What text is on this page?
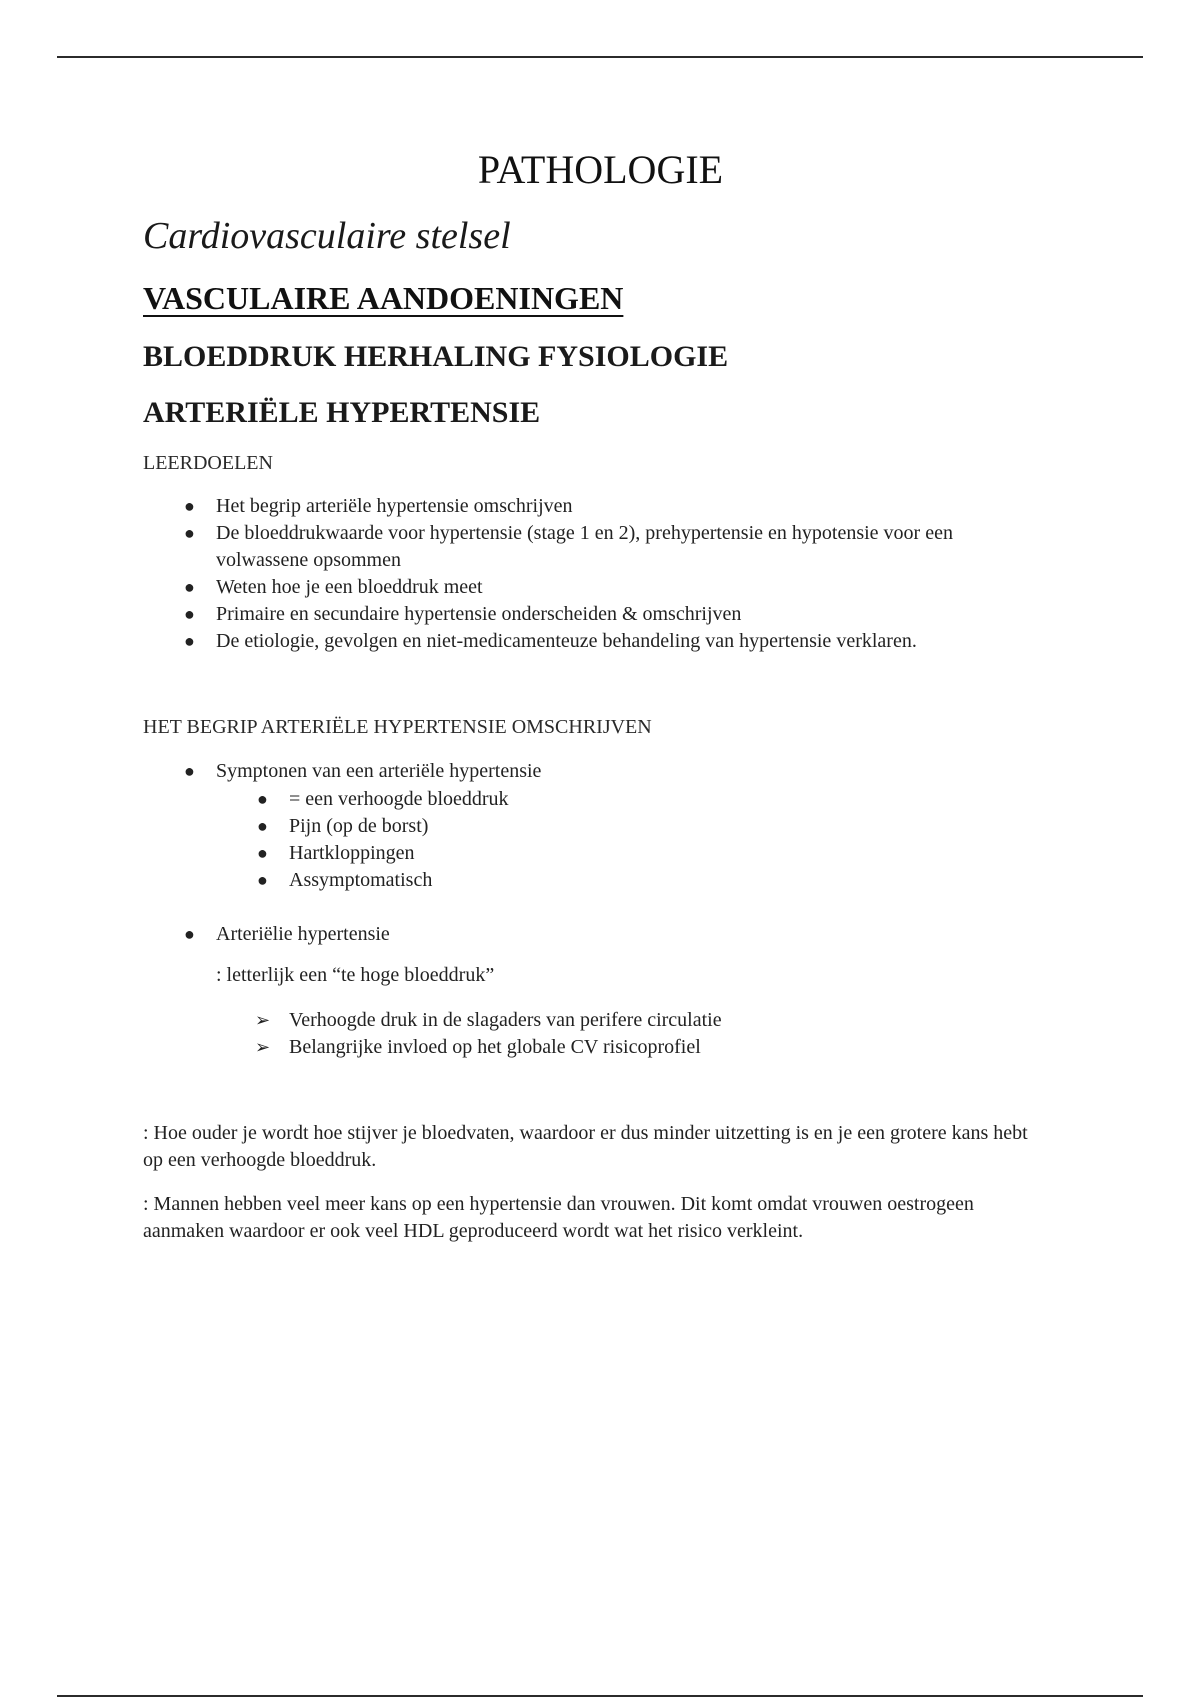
PATHOLOGIE
Cardiovasculaire stelsel
VASCULAIRE AANDOENINGEN
BLOEDDRUK HERHALING FYSIOLOGIE
ARTERIËLE HYPERTENSIE
LEERDOELEN
● Het begrip arteriële hypertensie omschrijven
● De bloeddrukwaarde voor hypertensie (stage 1 en 2), prehypertensie en hypotensie voor een
volwassene opsommen
● Weten hoe je een bloeddruk meet
● Primaire en secundaire hypertensie onderscheiden & omschrijven
● De etiologie, gevolgen en niet-medicamenteuze behandeling van hypertensie verklaren.
HET BEGRIP ARTERIËLE HYPERTENSIE OMSCHRIJVEN
● Symptonen van een arteriële hypertensie
● = een verhoogde bloeddruk
● Pijn (op de borst)
● Hartkloppingen
● Assymptomatisch
● Arteriëlie hypertensie
: letterlijk een “te hoge bloeddruk”
➢ Verhoogde druk in de slagaders van perifere circulatie
➢ Belangrijke invloed op het globale CV risicoprofiel
: Hoe ouder je wordt hoe stijver je bloedvaten, waardoor er dus minder uitzetting is en je een grotere kans hebt op een verhoogde bloeddruk.
: Mannen hebben veel meer kans op een hypertensie dan vrouwen. Dit komt omdat vrouwen oestrogeen aanmaken waardoor er ook veel HDL geproduceerd wordt wat het risico verkleint.
